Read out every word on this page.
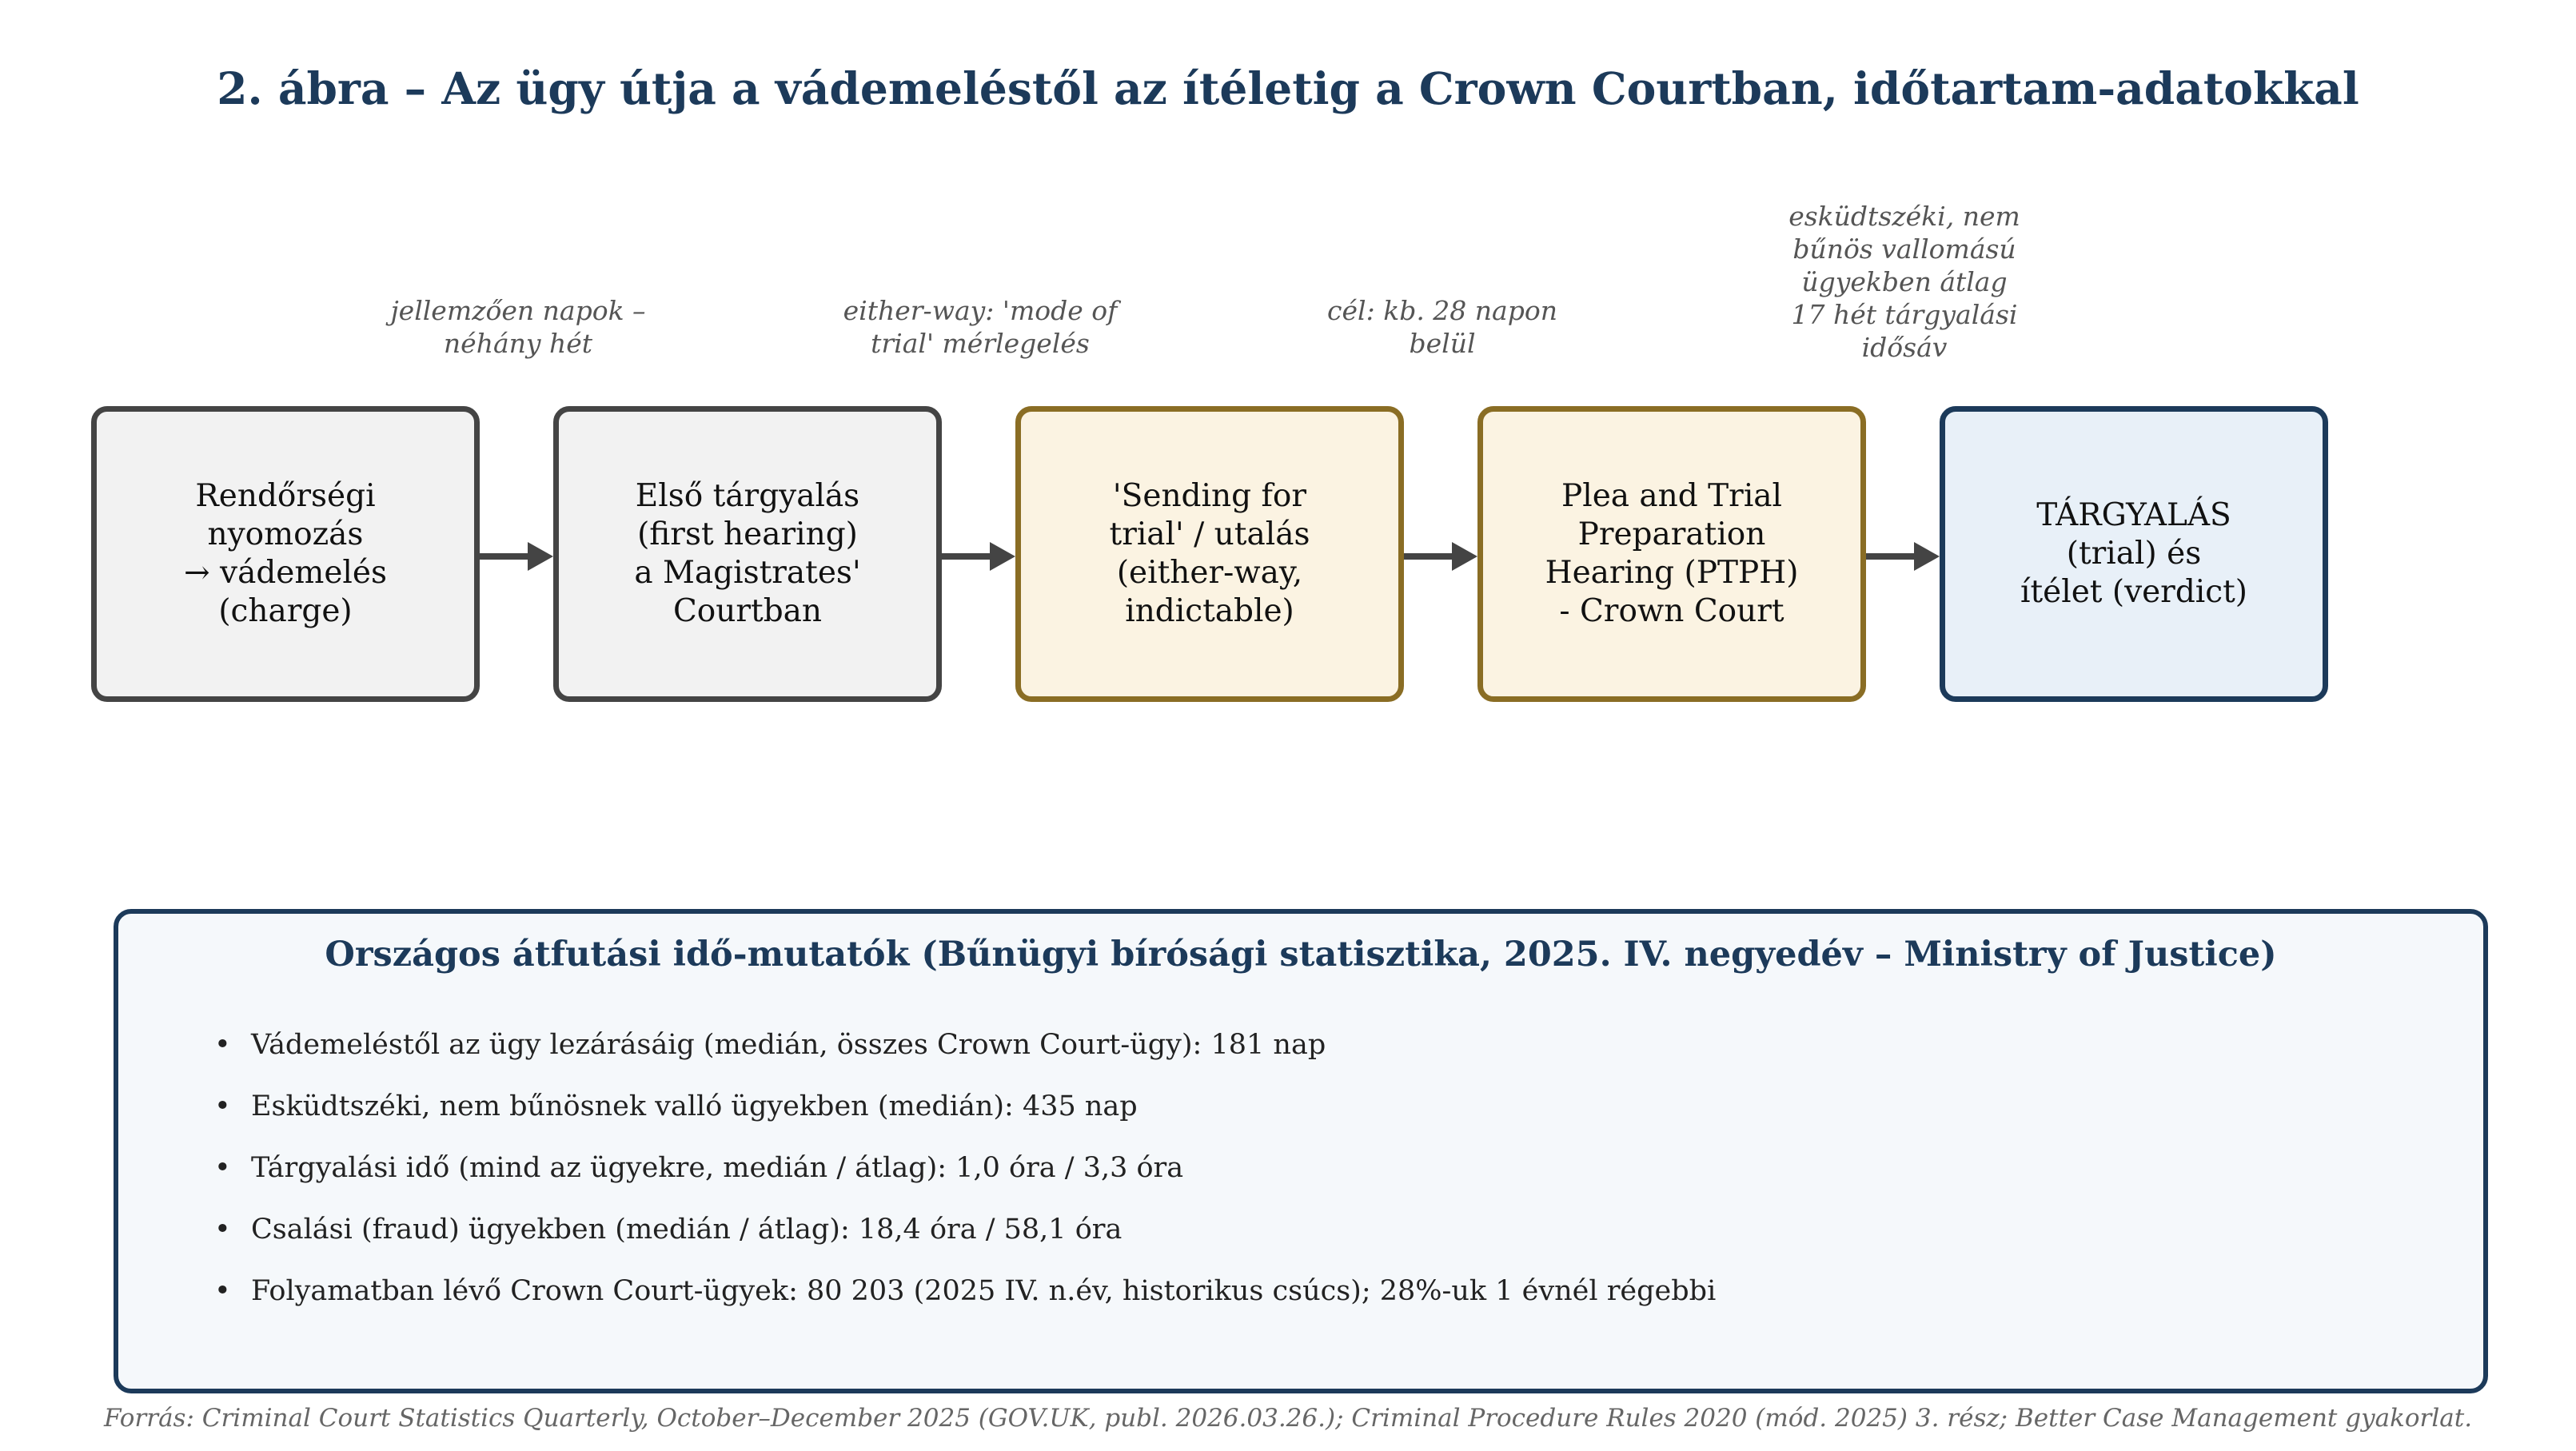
2. ábra – Az ügy útja a vádemeléstől az ítéletig a Crown Courtban, időtartam-adatokkal
jellemzően napok –
néhány hét
either-way: 'mode of
trial' mérlegelés
cél: kb. 28 napon
belül
esküdtszéki, nem
bűnös vallomású
ügyekben átlag
17 hét tárgyalási
idősáv
Rendőrségi
nyomozás
→ vádemelés
(charge)
Első tárgyalás
(first hearing)
a Magistrates'
Courtban
'Sending for
trial' / utalás
(either-way,
indictable)
Plea and Trial
Preparation
Hearing (PTPH)
- Crown Court
TÁRGYALÁS
(trial) és
ítélet (verdict)
Országos átfutási idő-mutatók (Bűnügyi bírósági statisztika, 2025. IV. negyedév – Ministry of Justice)
• Vádemeléstől az ügy lezárásáig (medián, összes Crown Court-ügy): 181 nap
• Esküdtszéki, nem bűnösnek valló ügyekben (medián): 435 nap
• Tárgyalási idő (mind az ügyekre, medián / átlag): 1,0 óra / 3,3 óra
• Csalási (fraud) ügyekben (medián / átlag): 18,4 óra / 58,1 óra
• Folyamatban lévő Crown Court-ügyek: 80 203 (2025 IV. n.év, historikus csúcs); 28%-uk 1 évnél régebbi
Forrás: Criminal Court Statistics Quarterly, October–December 2025 (GOV.UK, publ. 2026.03.26.); Criminal Procedure Rules 2020 (mód. 2025) 3. rész; Better Case Management gyakorlat.
